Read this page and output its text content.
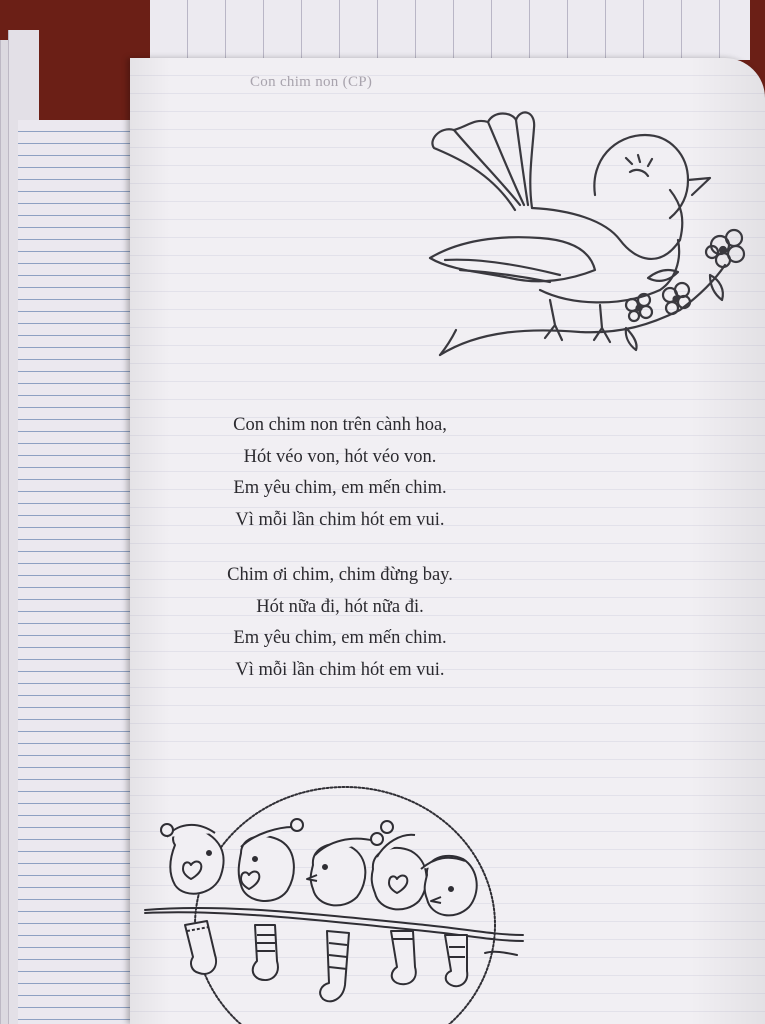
Con chim non (CP)
Con chim non trên cành hoa,
Hót véo von, hót véo von.
Em yêu chim, em mến chim.
Vì mỗi lần chim hót em vui.
Chim ơi chim, chim đừng bay.
Hót nữa đi, hót nữa đi.
Em yêu chim, em mến chim.
Vì mỗi lần chim hót em vui.
